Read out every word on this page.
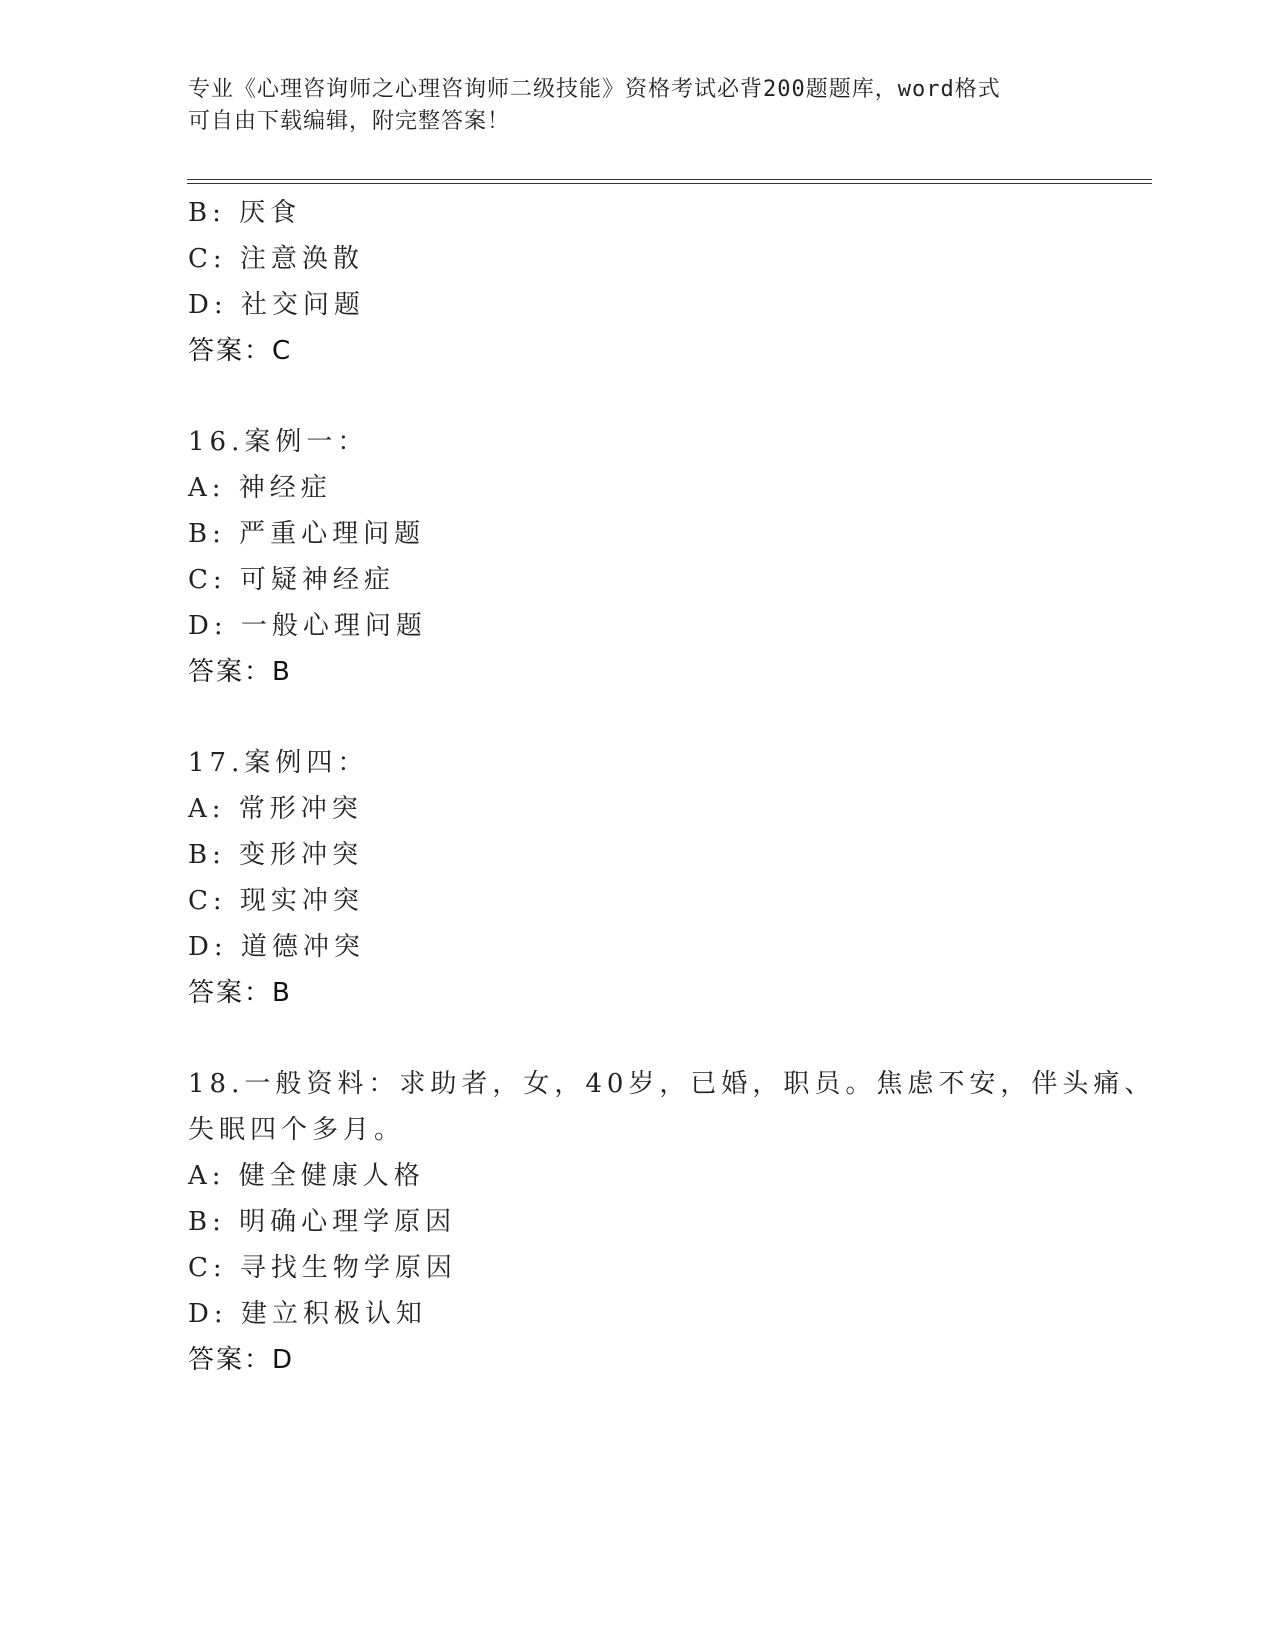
专业《心理咨询师之心理咨询师二级技能》资格考试必背200题题库，word格式
可自由下载编辑，附完整答案！
B: 厌食
C: 注意涣散
D: 社交问题
答案：C
16.案例一：
A: 神经症
B: 严重心理问题
C: 可疑神经症
D: 一般心理问题
答案：B
17.案例四：
A: 常形冲突
B: 变形冲突
C: 现实冲突
D: 道德冲突
答案：B
18.一般资料：求助者，女，40岁，已婚，职员。焦虑不安，伴头痛、
失眠四个多月。
A: 健全健康人格
B: 明确心理学原因
C: 寻找生物学原因
D: 建立积极认知
答案：D
